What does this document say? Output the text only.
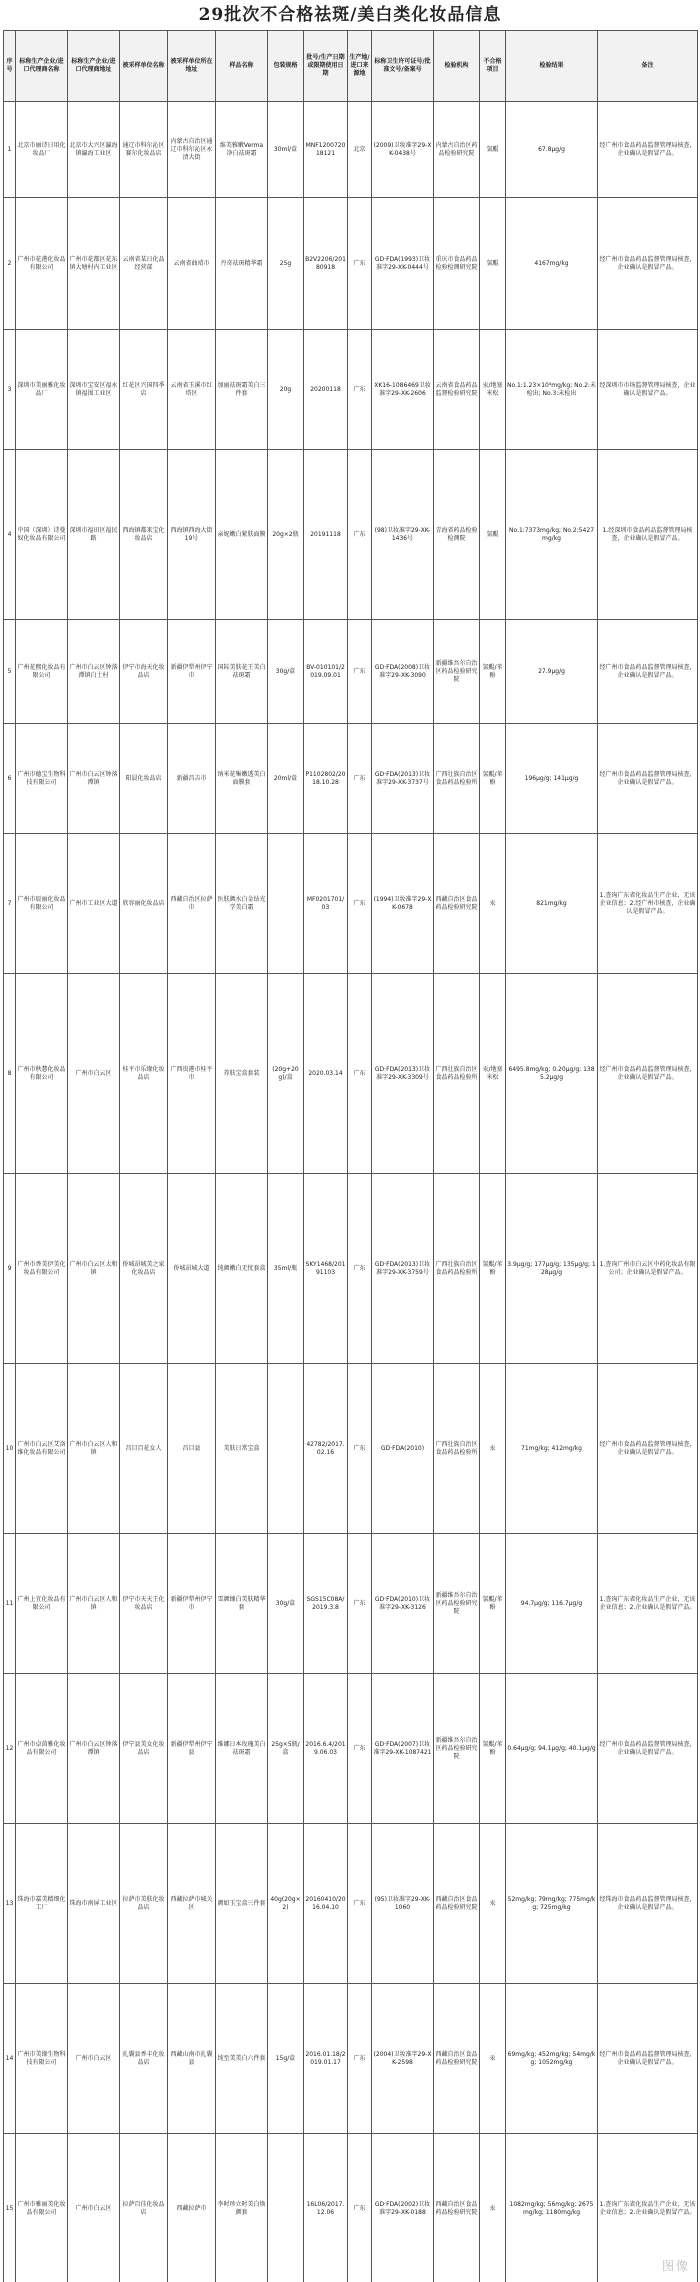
29批次不合格祛斑/美白类化妆品信息
序号	标称生产企业/进口代理商名称	标称生产企业/进口代理商地址	被采样单位名称	被采样单位所在地址	样品名称	包装规格	批号/生产日期或限期使用日期	生产地/进口来源地	标称卫生许可证号/批准文号/备案号	检验机构	不合格项目	检验结果	备注
1	北京市丽诗日用化妆品厂	北京市大兴区瀛海镇瀛海工业区	通辽市科尔沁区赛尔化妆品店	内蒙古自治区通辽市科尔沁区永清大街	维美雅嫩Verma净白祛斑霜	30ml/盒	MNF120072018121	北京	(2009)卫妆准字29-XK-0438号	内蒙古自治区药品检验研究院	氢醌	67.8μg/g	经广州市食品药品监督管理局核查，企业确认是假冒产品。
2	广州市花港化妆品有限公司	广州市花都区花东镇大塘村内工业区	云南省某日化品经营部	云南省曲靖市	丹奇祛斑精华霜	25g	B2V2206/20180918	广东	GD·FDA(1993)卫妆准字29-XK-0444号	重庆市食品药品检验检测研究院	氢醌	4167mg/kg	经广州市食品药品监督管理局核查，企业确认是假冒产品。
3	深圳市美丽雅化妆品厂	深圳市宝安区福永镇福围工业区	红花区兴国四季店	云南省玉溪市红塔区	加丽祛斑霜美白三件套	20g	20200118	广东	XK16-1086469卫妆准字29-XK-2606	云南省食品药品监督检验研究院	汞/地塞米松	No.1:1.23×10⁴mg/kg; No.2:未检出; No.3:未检出	经深圳市市场监督管理局核查，企业确认是假冒产品。
4	中国（深圳）诗曼奴化妆品有限公司	深圳市福田区福民路	西海镇都来宝化妆品店	西海镇西海大街19号	亲妮嫩白紧肤面膜	20g×2瓶	20191118	广东	(98)卫妆准字29-XK-1436号	青海省药品检验检测院	氢醌	No.1:7373mg/kg; No.2:5427mg/kg	1.经深圳市食品药品监督管理局核查，企业确认是假冒产品。
5	广州花熙化妆品有限公司	广州市白云区钟落潭镇白土村	伊宁市海天化妆品店	新疆伊犁州伊宁市	国际美肤花王美白祛斑霜	30g/盒	BV-010101/2019.09.01	广东	GD·FDA(2008)卫妆准字29-XK-3090	新疆维吾尔自治区药品检验研究院	氢醌/苯酚	27.9μg/g	经广州市食品药品监督管理局核查，企业确认是假冒产品。
6	广州市德宝生物科技有限公司	广州市白云区钟落潭镇	阳晨化妆品店	新疆昌吉市	纳米花集嫩透美白面膜套	20ml/盒	P1102802/2018.10.28	广东	GD·FDA(2013)卫妆准字29-XK-3737号	广西壮族自治区食品药品检验所	氢醌/苯酚	196μg/g; 141μg/g	经广州市食品药品监督管理局核查，企业确认是假冒产品。
7	广州市辰丽化妆品有限公司	广州市工业区大道	欣容丽化妆品店	西藏自治区拉萨市	医肤颜水白金钻光学美白霜		MF0201701/03	广东	(1994)卫妆准字29-XK-0678	西藏自治区食品药品检验研究院	汞	821mg/kg	1.查询广东省化妆品生产企业，无该企业信息；2.经广州市核查，企业确认是假冒产品。
8	广州市秋慧化妆品有限公司	广州市白云区	桂平市乐缘化妆品店	广西贵港市桂平市	养肤宝盒套装	(20g+20g)/盒	2020.03.14	广东	GD·FDA(2013)卫妆准字29-XK-3309号	广西壮族自治区食品药品检验所	汞/地塞米松	6495.8mg/kg; 0.20μg/g; 1385.2μg/g	经广州市食品药品监督管理局核查，企业确认是假冒产品。
9	广州市香美伊美化妆品有限公司	广州市白云区太和镇	侨城昂城美之家化妆品店	侨城昂城大道	纯颜嫩白无忧套盒	35ml/瓶	SKY1468/20191103	广东	GD·FDA(2013)卫妆准字29-XK-3759号	广西壮族自治区食品药品检验所	氢醌/苯酚	3.9μg/g; 177μg/g; 135μg/g; 128μg/g	1.查询广州市白云区中药化妆品有限公司；企业确认是假冒产品。
10	广州市白云区艾洛维化妆品有限公司	广州市白云区人和镇	昌目百花女人	昌目县	美肤日常宝盒		42782/2017.02.16	广东	GD·FDA(2010)	广西壮族自治区食品药品检验所	汞	71mg/kg; 412mg/kg	经广州市食品药品监督管理局核查，企业确认是假冒产品。
11	广州上宜化妆品有限公司	广州市白云区人和镇	伊宁市天天王化妆品店	新疆伊犁州伊宁市	雪颜臻白美肤精华套	30g/盒	SGS15C08A/2019.3.8	广东	GD·FDA(2010)卫妆准字29-XK-3126	新疆维吾尔自治区药品检验研究院	氢醌/苯酚	94.7μg/g; 116.7μg/g	1.查询广东省化妆品生产企业，无该企业信息；2.企业确认是假冒产品。
12	广州市卓茵雅化妆品有限公司	广州市白云区钟落潭镇	伊宁县美女化妆品店	新疆伊犁州伊宁县	维娜日本玫瑰美白祛斑霜	25g×5瓶/盒	2016.6.4/2019.06.03	广东	GD·FDA(2007)卫妆准字29-XK-1087421	新疆维吾尔自治区药品检验研究院	氢醌/苯酚	0.64μg/g; 94.1μg/g; 40.1μg/g	经广州市食品药品监督管理局核查，企业确认是假冒产品。
13	珠海市嘉美精细化工厂	珠海市南屏工业区	拉萨市美肤化妆品店	西藏拉萨市城关区	颜如玉宝盒三件套	40g(20g×2)	20160410/2016.04.10	广东	(95)卫妆准字29-XK-1060	西藏自治区食品药品检验研究院	汞	52mg/kg; 79mg/kg; 775mg/kg; 725mg/kg	经珠海市食品药品监督管理局核查，企业确认是假冒产品。
14	广州市美缘生物科技有限公司	广州市白云区	扎囊县香丰化妆品店	西藏山南市扎囊县	纯至美美白六件套	15g/盒	2016.01.18/2019.01.17	广东	(2004)卫妆准字29-XK-2598	西藏自治区食品药品检验研究院	汞	69mg/kg; 452mg/kg; 54mg/kg; 1052mg/kg	经广州市食品药品监督管理局核查，企业确认是假冒产品。
15	广州市雅丽美化妆品有限公司	广州市白云区	拉萨百佳化妆品店	西藏拉萨市	李时珍立时美白焕颜套		16L06/2017.12.06	广东	GD·FDA(2002)卫妆准字29-XK-0188	西藏自治区食品药品检验研究院	汞	1082mg/kg; 56mg/kg; 2675mg/kg; 1180mg/kg	1.查询广东省化妆品生产企业，无该企业信息；2.企业确认是假冒产品。
图像
